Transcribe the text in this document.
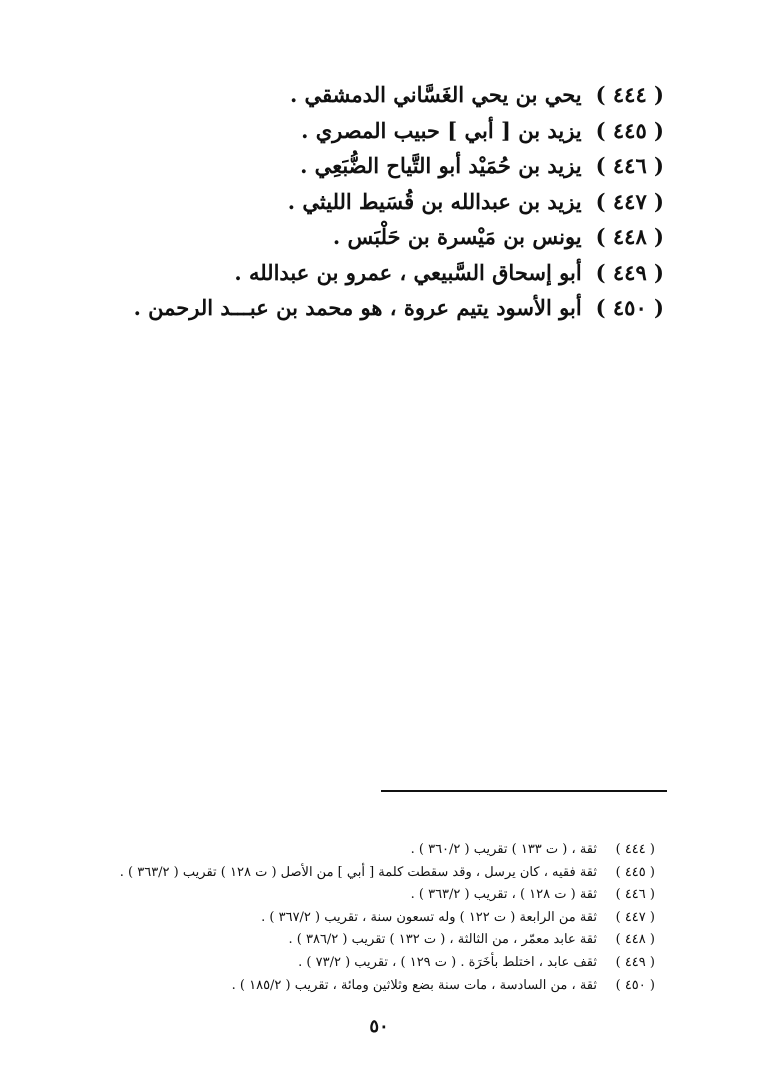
( ٤٤٤ )
يحي بن يحي الغَسَّاني الدمشقي .
( ٤٤٥ )
يزيد بن [ أبي ] حبيب المصري .
( ٤٤٦ )
يزيد بن حُمَيْد أبو التَّياح الضُّبَعِي .
( ٤٤٧ )
يزيد بن عبدالله بن قُسَيط الليثي .
( ٤٤٨ )
يونس بن مَيْسرة بن حَلْبَس .
( ٤٤٩ )
أبو إسحاق السَّبيعي ، عمرو بن عبدالله .
( ٤٥٠ )
أبو الأسود يتيم عروة ، هو محمد بن عبـــد الرحمن .
( ٤٤٤ )
ثقة ، ( ت ١٣٣ ) تقريب ( ٣٦٠/٢ ) .
( ٤٤٥ )
ثقة فقيه ، كان يرسل ، وقد سقطت كلمة [ أبي ] من الأصل ( ت ١٢٨ ) تقريب ( ٣٦٣/٢ ) .
( ٤٤٦ )
ثقة ( ت ١٢٨ ) ، تقريب ( ٣٦٣/٢ ) .
( ٤٤٧ )
ثقة من الرابعة ( ت ١٢٢ ) وله تسعون سنة ، تقريب ( ٣٦٧/٢ ) .
( ٤٤٨ )
ثقة عابد معمّر ، من الثالثة ، ( ت ١٣٢ ) تقريب ( ٣٨٦/٢ ) .
( ٤٤٩ )
ثقف عابد ، اختلط بأخَرَة . ( ت ١٢٩ ) ، تقريب ( ٧٣/٢ ) .
( ٤٥٠ )
ثقة ، من السادسة ، مات سنة بضع وثلاثين ومائة ، تقريب ( ١٨٥/٢ ) .
٥٠
